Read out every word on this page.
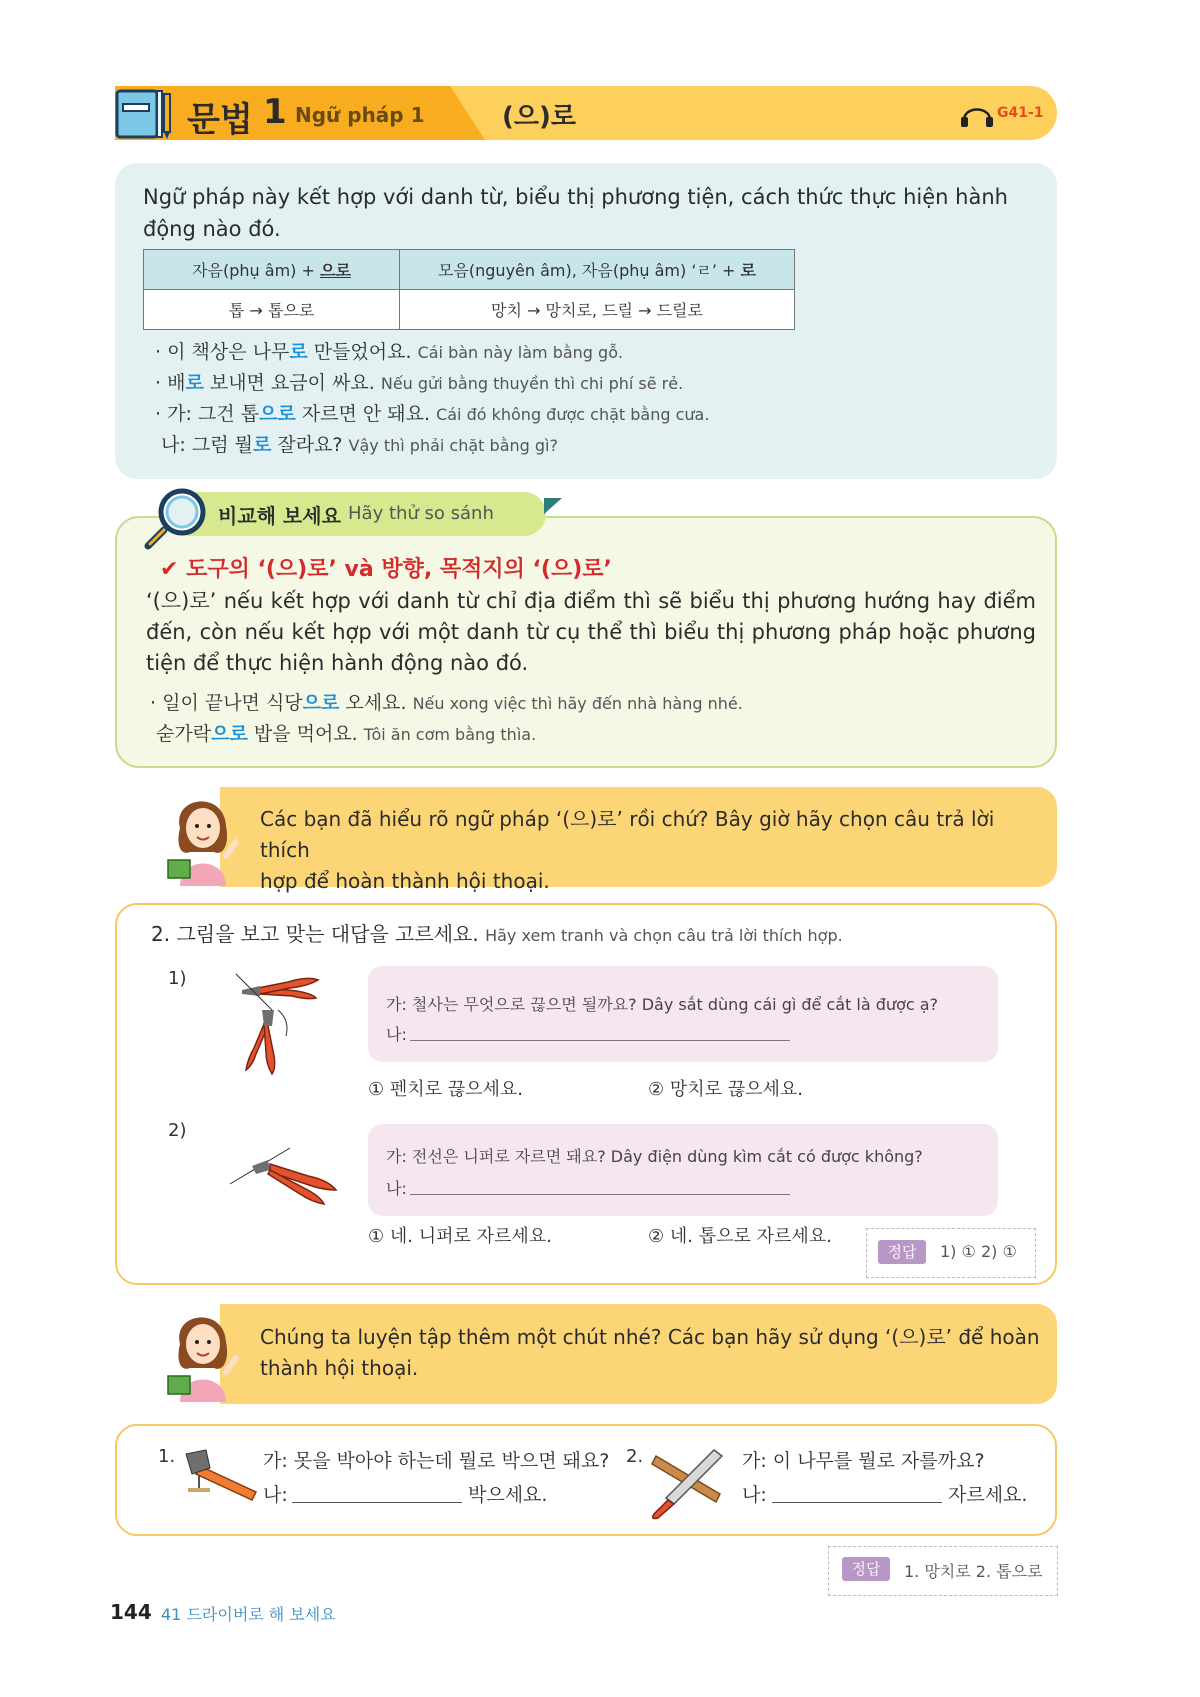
문법 1 Ngữ pháp 1	(으)로	G41-1
Ngữ pháp này kết hợp với danh từ, biểu thị phương tiện, cách thức thực hiện hành động nào đó.
자음(phụ âm) + 으로	모음(nguyên âm), 자음(phụ âm) ‘ㄹ’ + 로
톱 → 톱으로	망치 → 망치로, 드릴 → 드릴로
· 이 책상은 나무로 만들었어요. Cái bàn này làm bằng gỗ.
· 배로 보내면 요금이 싸요. Nếu gửi bằng thuyền thì chi phí sẽ rẻ.
· 가: 그건 톱으로 자르면 안 돼요. Cái đó không được chặt bằng cưa.
나: 그럼 뭘로 잘라요? Vậy thì phải chặt bằng gì?
비교해 보세요 Hãy thử so sánh
✔ 도구의 ‘(으)로’ và 방향, 목적지의 ‘(으)로’
‘(으)로’ nếu kết hợp với danh từ chỉ địa điểm thì sẽ biểu thị phương hướng hay điểm đến, còn nếu kết hợp với một danh từ cụ thể thì biểu thị phương pháp hoặc phương tiện để thực hiện hành động nào đó.
· 일이 끝나면 식당으로 오세요. Nếu xong việc thì hãy đến nhà hàng nhé.
숟가락으로 밥을 먹어요. Tôi ăn cơm bằng thìa.
Các bạn đã hiểu rõ ngữ pháp ‘(으)로’ rồi chứ? Bây giờ hãy chọn câu trả lời thích
hợp để hoàn thành hội thoại.
2. 그림을 보고 맞는 대답을 고르세요. Hãy xem tranh và chọn câu trả lời thích hợp.
1)
가: 철사는 무엇으로 끊으면 될까요? Dây sắt dùng cái gì để cắt là được ạ?
나:
① 펜치로 끊으세요.	② 망치로 끊으세요.
2)
가: 전선은 니퍼로 자르면 돼요? Dây điện dùng kìm cắt có được không?
나:
① 네. 니퍼로 자르세요.	② 네. 톱으로 자르세요.
정답	1) ① 2) ①
Chúng ta luyện tập thêm một chút nhé? Các bạn hãy sử dụng ‘(으)로’ để hoàn
thành hội thoại.
1.	가: 못을 박아야 하는데 뭘로 박으면 돼요?
나:	박으세요.
2.	가: 이 나무를 뭘로 자를까요?
나:	자르세요.
정답	1. 망치로 2. 톱으로
144 41 드라이버로 해 보세요
